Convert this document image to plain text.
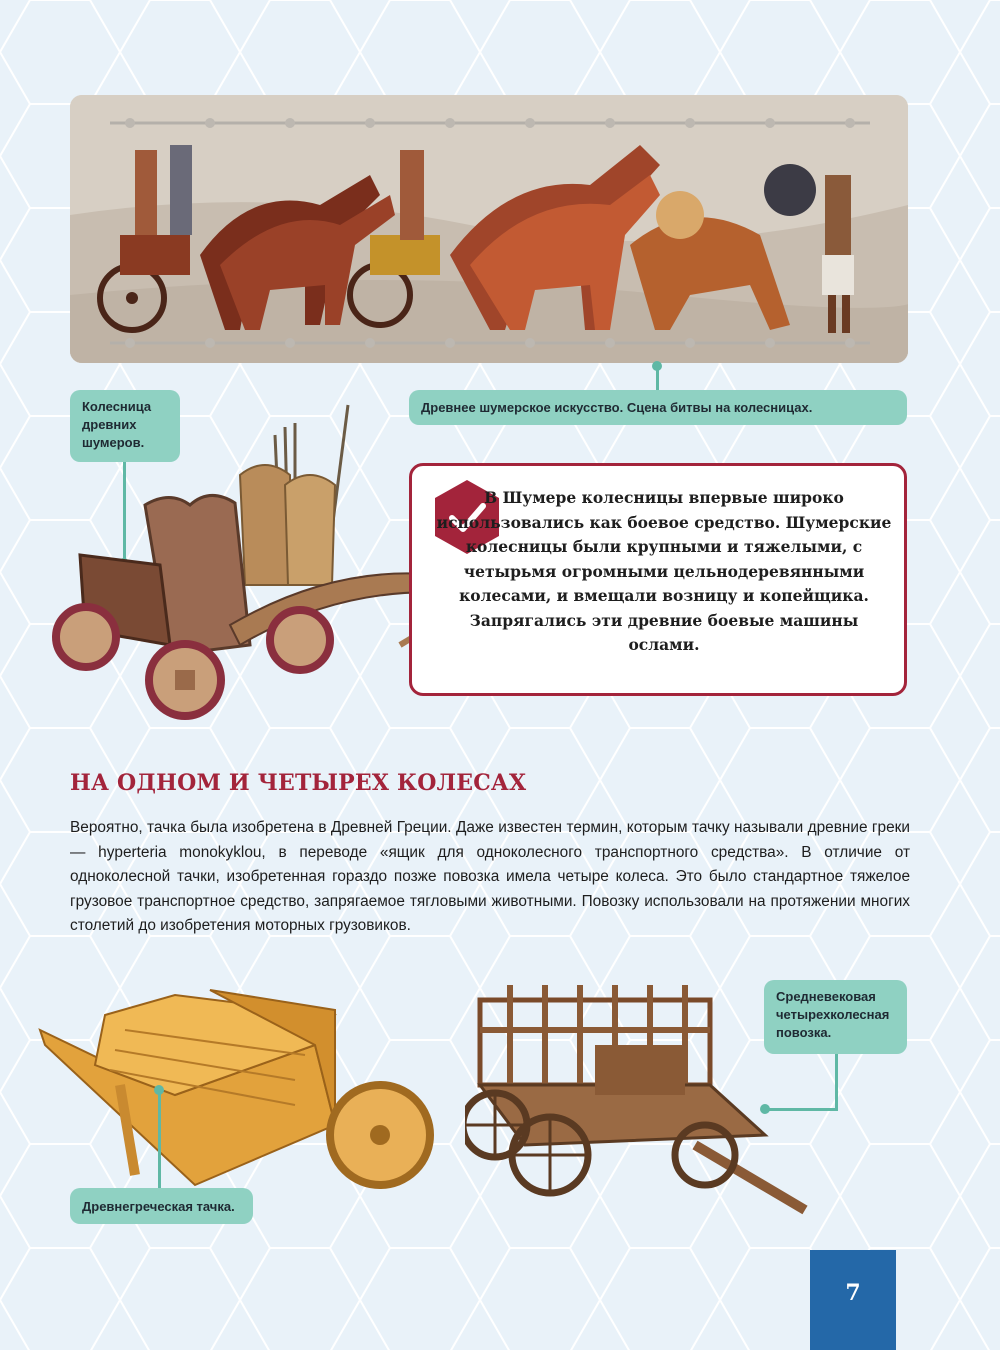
Древнее шумерское искусство. Сцена битвы на колесницах.
Колесница древних шумеров.
В Шумере колесницы впервые широко использовались как боевое средство. Шумерские колесницы были крупными и тяжелыми, с четырьмя огромными цельнодеревянными колесами, и вмещали возницу и копейщика. Запрягались эти древние боевые машины ослами.
НА ОДНОМ И ЧЕТЫРЕХ КОЛЕСАХ
Вероятно, тачка была изобретена в Древней Греции. Даже известен термин, которым тачку называли древние греки — hyperteria monokyklou, в переводе «ящик для одноколесного транспортного средства». В отличие от одноколесной тачки, изобретенная гораздо позже повозка имела четыре колеса. Это было стандартное тяжелое грузовое транспортное средство, запрягаемое тягловыми животными. Повозку использовали на протяжении многих столетий до изобретения моторных грузовиков.
Древнегреческая тачка.
Средневековая четырехколесная повозка.
7
